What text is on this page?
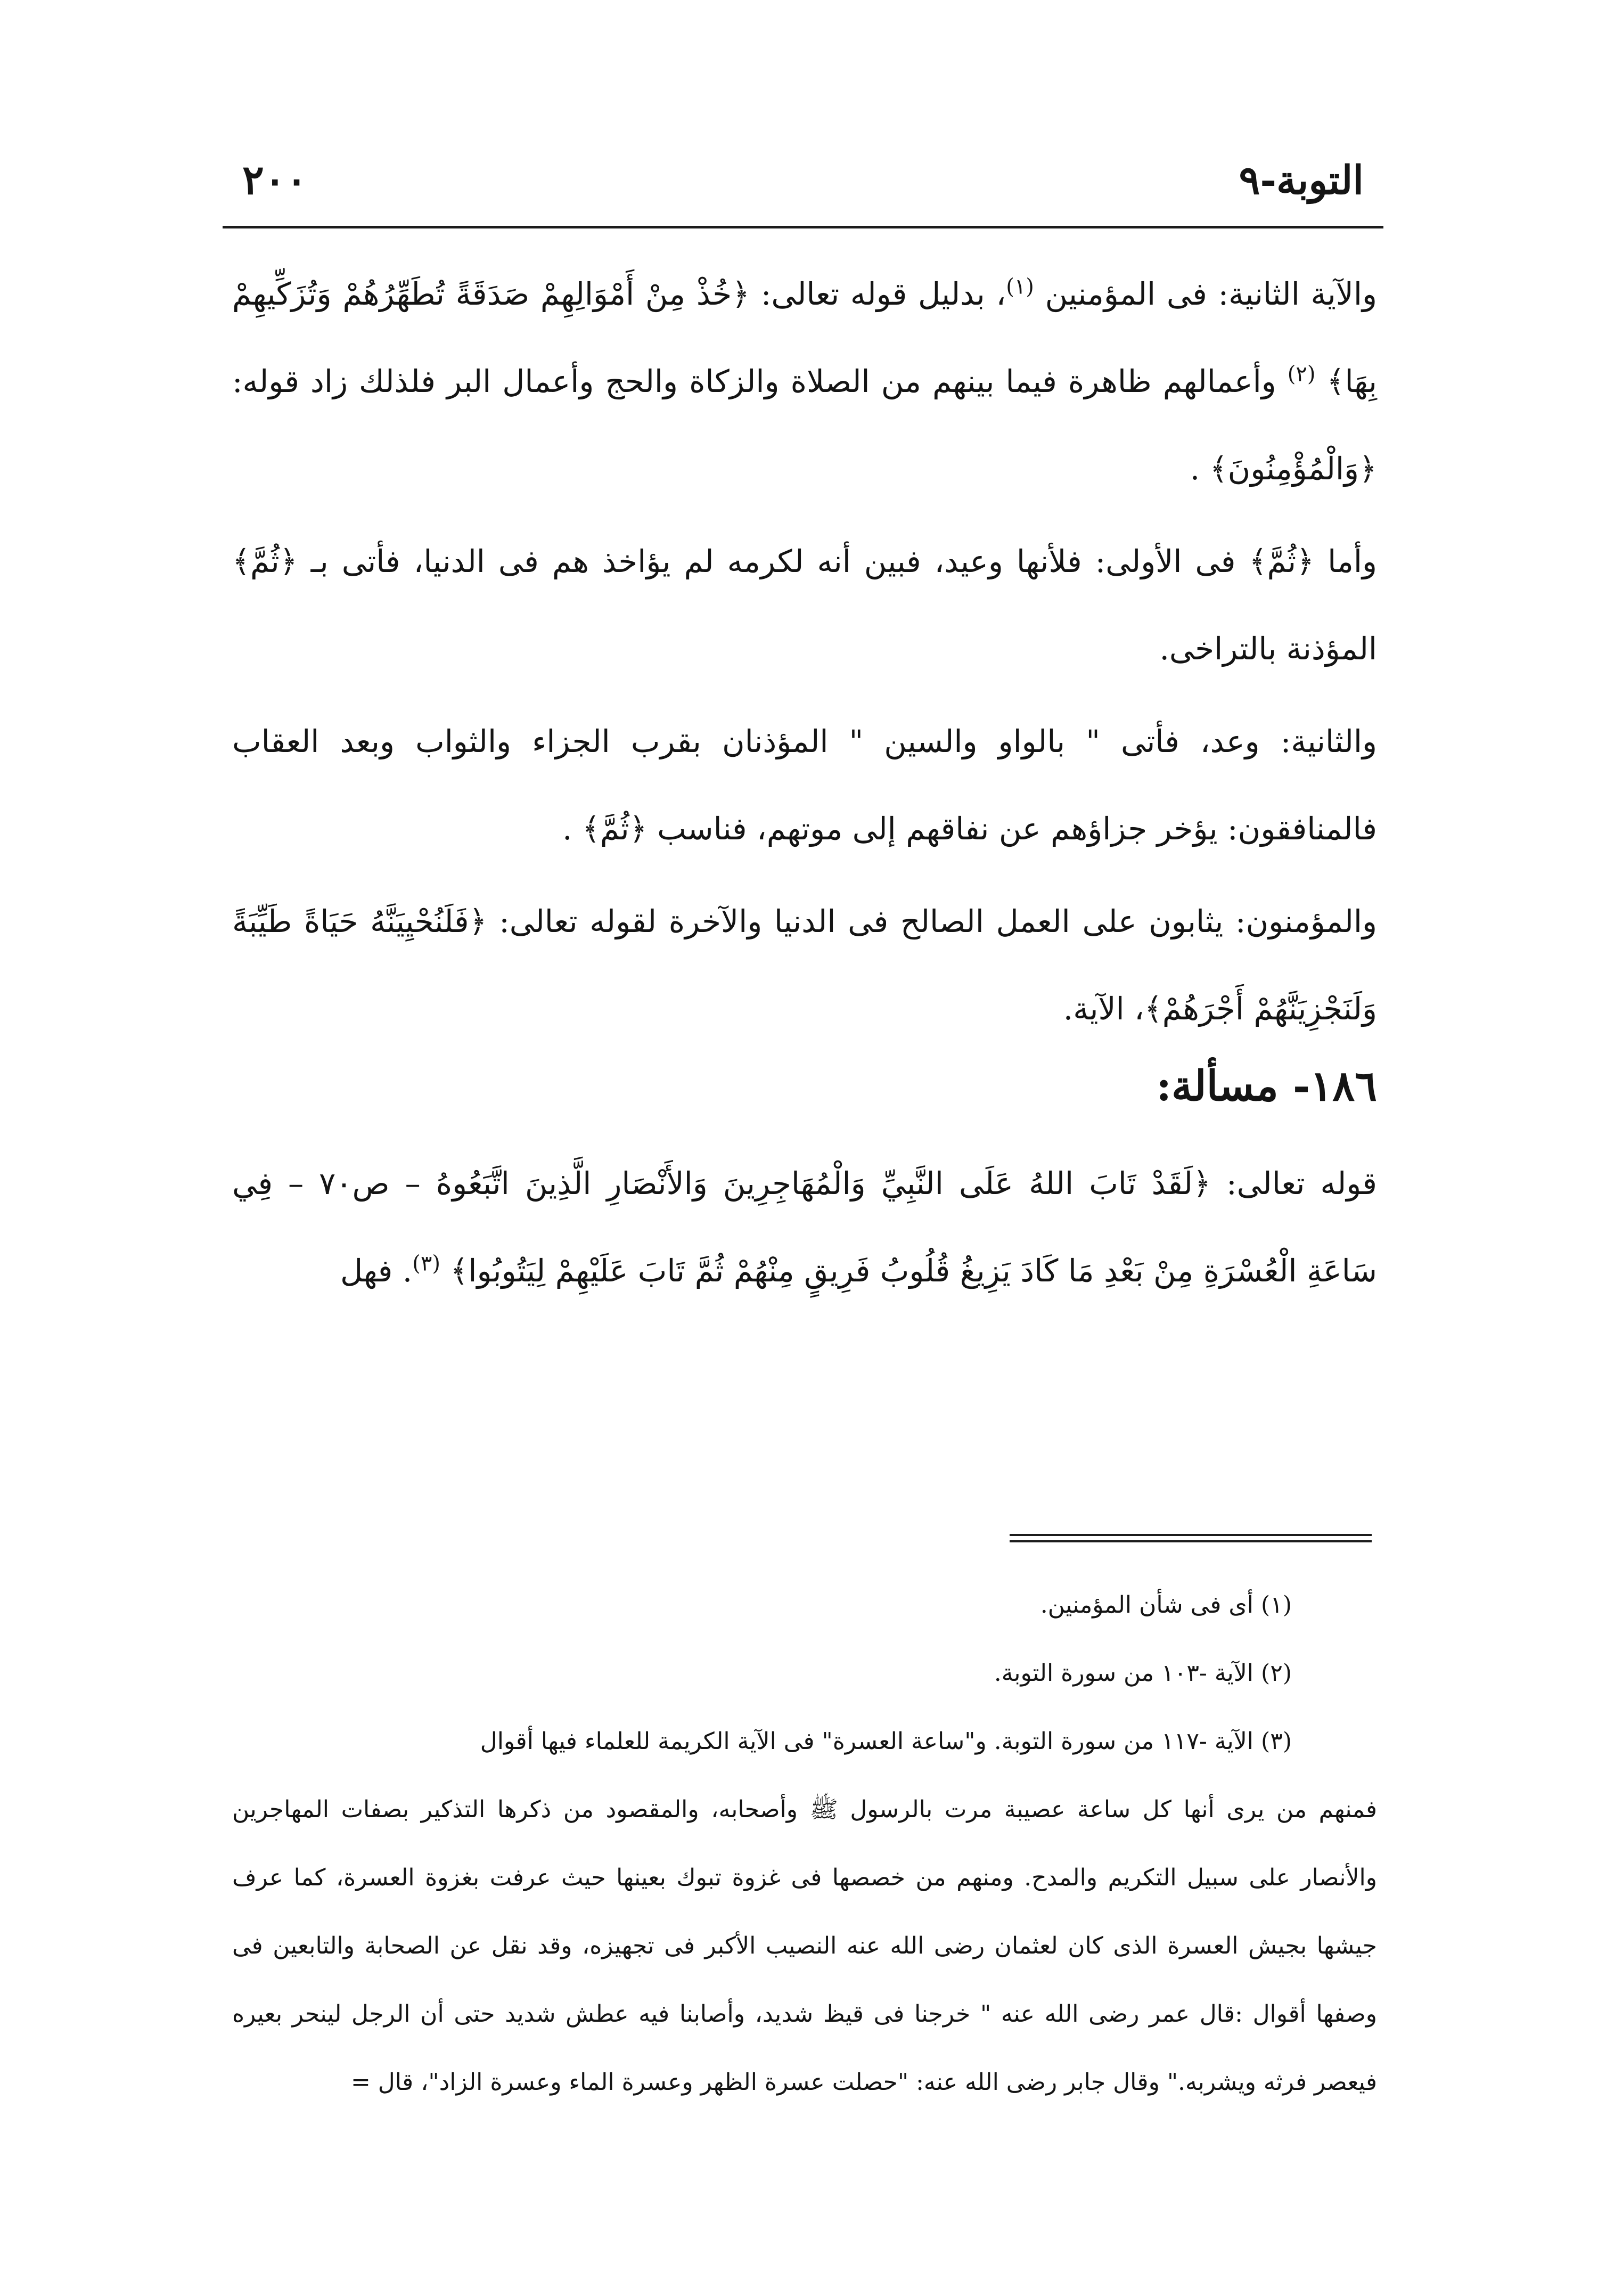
التوبة-٩
٢٠٠

والآية الثانية: فى المؤمنين $^{(١)}$، بدليل قوله تعالى: ﴿خُذْ مِنْ أَمْوَالِهِمْ صَدَقَةً تُطَهِّرُهُمْ وَتُزَكِّيهِمْ بِهَا﴾ $^{(٢)}$ وأعمالهم ظاهرة فيما بينهم من الصلاة والزكاة والحج وأعمال البر فلذلك زاد قوله: ﴿وَالْمُؤْمِنُونَ﴾ .

وأما ﴿ثُمَّ﴾ فى الأولى: فلأنها وعيد، فبين أنه لكرمه لم يؤاخذ هم فى الدنيا، فأتى بـ ﴿ثُمَّ﴾ المؤذنة بالتراخى.

والثانية: وعد، فأتى " بالواو والسين " المؤذنان بقرب الجزاء والثواب وبعد العقاب فالمنافقون: يؤخر جزاؤهم عن نفاقهم إلى موتهم، فناسب ﴿ثُمَّ﴾ .

والمؤمنون: يثابون على العمل الصالح فى الدنيا والآخرة لقوله تعالى: ﴿فَلَنُحْيِيَنَّهُ حَيَاةً طَيِّبَةً وَلَنَجْزِيَنَّهُمْ أَجْرَهُمْ﴾، الآية.

١٨٦- مسألة:

قوله تعالى: ﴿لَقَدْ تَابَ اللهُ عَلَى النَّبِيِّ وَالْمُهَاجِرِينَ وَالأَنْصَارِ الَّذِينَ اتَّبَعُوهُ – ص٧٠ – فِي سَاعَةِ الْعُسْرَةِ مِنْ بَعْدِ مَا كَادَ يَزِيغُ قُلُوبُ فَرِيقٍ مِنْهُمْ ثُمَّ تَابَ عَلَيْهِمْ لِيَتُوبُوا﴾ $^{(٣)}$. فهل

(١) أى فى شأن المؤمنين.

(٢) الآية -١٠٣ من سورة التوبة.

(٣) الآية -١١٧ من سورة التوبة. و"ساعة العسرة" فى الآية الكريمة للعلماء فيها أقوال

فمنهم من يرى أنها كل ساعة عصيبة مرت بالرسول ﷺ وأصحابه، والمقصود من ذكرها التذكير بصفات المهاجرين والأنصار على سبيل التكريم والمدح. ومنهم من خصصها فى غزوة تبوك بعينها حيث عرفت بغزوة العسرة، كما عرف جيشها بجيش العسرة الذى كان لعثمان رضى الله عنه النصيب الأكبر فى تجهيزه، وقد نقل عن الصحابة والتابعين فى وصفها أقوال :قال عمر رضى الله عنه " خرجنا فى قيظ شديد، وأصابنا فيه عطش شديد حتى أن الرجل لينحر بعيره فيعصر فرثه ويشربه." وقال جابر رضى الله عنه: "حصلت عسرة الظهر وعسرة الماء وعسرة الزاد"، قال =
